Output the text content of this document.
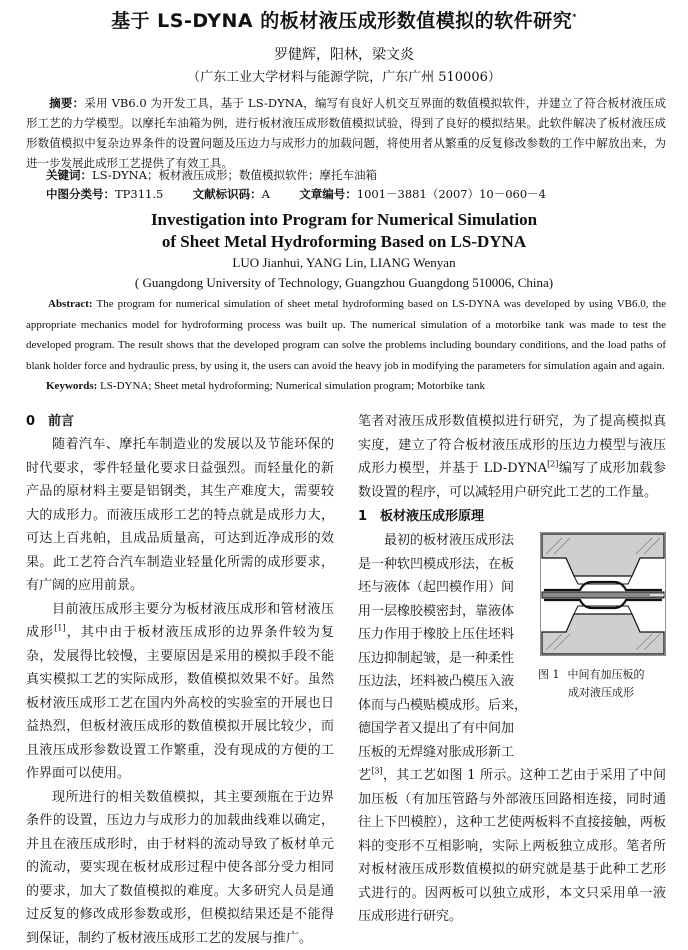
基于 LS-DYNA 的板材液压成形数值模拟的软件研究*
罗健辉，阳林，梁文炎
（广东工业大学材料与能源学院，广东广州 510006）
摘要：采用 VB6.0 为开发工具，基于 LS-DYNA，编写有良好人机交互界面的数值模拟软件，并建立了符合板材液压成形工艺的力学模型。以摩托车油箱为例，进行板材液压成形数值模拟试验，得到了良好的模拟结果。此软件解决了板材液压成形数值模拟中复杂边界条件的设置问题及压边力与成形力的加载问题，将使用者从繁重的反复修改参数的工作中解放出来，为进一步发展此成形工艺提供了有效工具。
关键词：LS-DYNA；板材液压成形；数值模拟软件；摩托车油箱
中图分类号：TP311.5	文献标识码：A	文章编号：1001－3881（2007）10－060－4
Investigation into Program for Numerical Simulation
of Sheet Metal Hydroforming Based on LS-DYNA
LUO Jianhui, YANG Lin, LIANG Wenyan
( Guangdong University of Technology, Guangzhou Guangdong 510006, China)
Abstract: The program for numerical simulation of sheet metal hydroforming based on LS-DYNA was developed by using VB6.0, the appropriate mechanics model for hydroforming process was built up. The numerical simulation of a motorbike tank was made to test the developed program. The result shows that the developed program can solve the problems including boundary conditions, and the load paths of blank holder force and hydraulic press, by using it, the users can avoid the heavy job in modifying the parameters for simulation again and again.
Keywords: LS-DYNA; Sheet metal hydroforming; Numerical simulation program; Motorbike tank
0　前言

随着汽车、摩托车制造业的发展以及节能环保的时代要求，零件轻量化要求日益强烈。而轻量化的新产品的原材料主要是铝钢类，其生产难度大，需要较大的成形力。而液压成形工艺的特点就是成形力大，可达上百兆帕，且成品质量高，可达到近净成形的效果。此工艺符合汽车制造业轻量化所需的成形要求，有广阔的应用前景。

目前液压成形主要分为板材液压成形和管材液压成形[1]，其中由于板材液压成形的边界条件较为复杂，发展得比较慢，主要原因是采用的模拟手段不能真实模拟工艺的实际成形，数值模拟效果不好。虽然板材液压成形工艺在国内外高校的实验室的开展也日益热烈，但板材液压成形的数值模拟开展比较少，而且液压成形参数设置工作繁重，没有现成的方便的工作界面可以使用。

现所进行的相关数值模拟，其主要颈瓶在于边界条件的设置，压边力与成形力的加载曲线难以确定，并且在液压成形时，由于材料的流动导致了板材单元的流动，要实现在板材成形过程中使各部分受力相同的要求，加大了数值模拟的难度。大多研究人员是通过反复的修改成形参数或形，但模拟结果还是不能得到保证，制约了板材液压成形工艺的发展与推广。

笔者对液压成形数值模拟进行研究，为了提高模拟真实度，建立了符合板材液压成形的压边力模型与液压成形力模型，并基于 LD-DYNA[2]编写了成形加载参数设置的程序，可以减轻用户研究此工艺的工作量。

1　板材液压成形原理
最初的板材液压成形法
是一种软凹模成形法，在板
坯与液体（起凹模作用）间
用一层橡胶模密封，靠液体
压力作用于橡胶上压住坯料
压边抑制起皱，是一种柔性
压边法，坯料被凸模压入液
体而与凸模贴模成形。后来，
德国学者又提出了有中间加
压板的无焊缝对胀成形新工
图 1 中间有加压板的
成对液压成形
艺[3]，其工艺如图 1 所示。这种工艺由于采用了中间加压板（有加压管路与外部液压回路相连接，同时通往上下凹模腔），这种工艺使两板料不直接接触，两板料的变形不互相影响，实际上两板独立成形。笔者所对板材液压成形数值模拟的研究就是基于此种工艺形式进行的。因两板可以独立成形，本文只采用单一液压成形进行研究。
